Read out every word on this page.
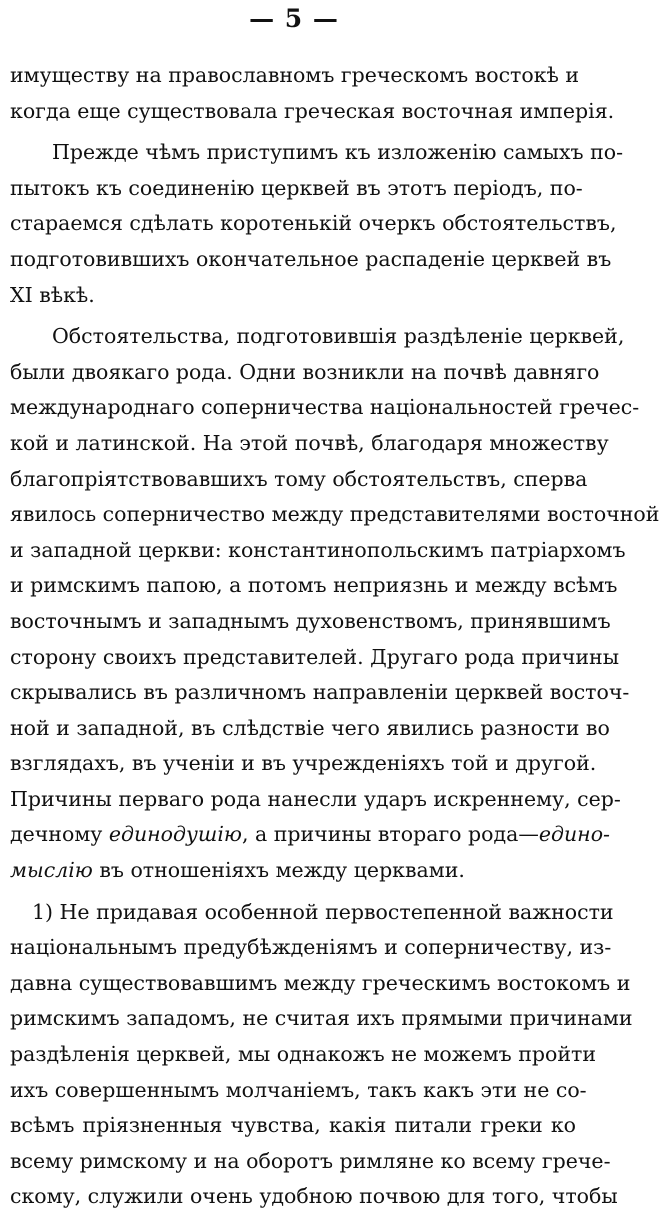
— 5 —
имуществу на православномъ греческомъ востокѣ и
когда еще существовала греческая восточная имперія.
Прежде чѣмъ приступимъ къ изложенію самыхъ по-
пытокъ къ соединенію церквей въ этотъ періодъ, по-
стараемся сдѣлать коротенькій очеркъ обстоятельствъ,
подготовившихъ окончательное распаденіе церквей въ
XI вѣкѣ.
Обстоятельства, подготовившія раздѣленіе церквей,
были двоякаго рода. Одни возникли на почвѣ давняго
международнаго соперничества національностей гречес-
кой и латинской. На этой почвѣ, благодаря множеству
благопріятствовавшихъ тому обстоятельствъ, сперва
явилось соперничество между представителями восточной
и западной церкви: константинопольскимъ патріархомъ
и римскимъ папою, а потомъ неприязнь и между всѣмъ
восточнымъ и западнымъ духовенствомъ, принявшимъ
сторону своихъ представителей. Другаго рода причины
скрывались въ различномъ направленіи церквей восточ-
ной и западной, въ слѣдствіе чего явились разности во
взглядахъ, въ ученіи и въ учрежденіяхъ той и другой.
Причины перваго рода нанесли ударъ искреннему, сер-
дечному единодушію, а причины втораго рода—едино-
мыслію въ отношеніяхъ между церквами.
1) Не придавая особенной первостепенной важности
національнымъ предубѣжденіямъ и соперничеству, из-
давна существовавшимъ между греческимъ востокомъ и
римскимъ западомъ, не считая ихъ прямыми причинами
раздѣленія церквей, мы однакожъ не можемъ пройти
ихъ совершеннымъ молчаніемъ, такъ какъ эти не со-
всѣмъ пріязненныя чувства, какія питали греки ко
всему римскому и на оборотъ римляне ко всему грече-
скому, служили очень удобною почвою для того, чтобы
